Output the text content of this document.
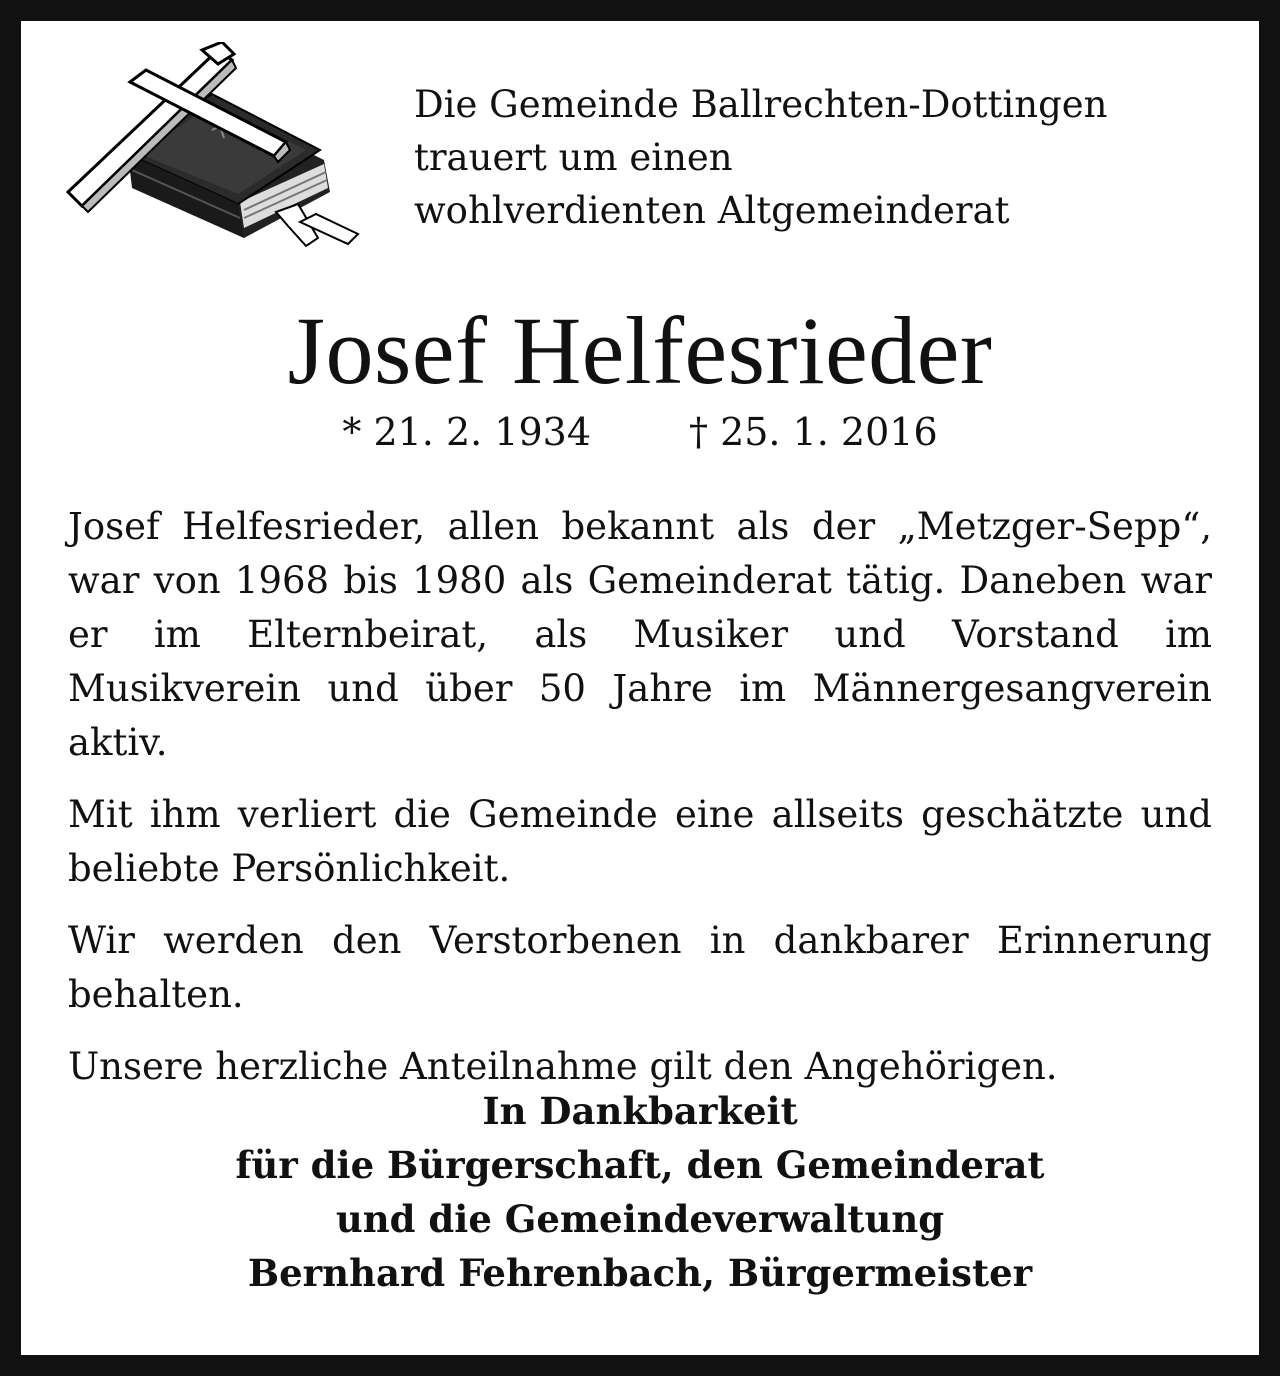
Die Gemeinde Ballrechten-Dottingen
trauert um einen
wohlverdienten Altgemeinderat
Josef Helfesrieder
* 21. 2. 1934	† 25. 1. 2016

Josef Helfesrieder, allen bekannt als der „Metzger-Sepp“, war von 1968 bis 1980 als Gemeinderat tätig. Daneben war er im Elternbeirat, als Musiker und Vorstand im Musikverein und über 50 Jahre im Männergesangverein aktiv.

Mit ihm verliert die Gemeinde eine allseits geschätzte und beliebte Persönlichkeit.

Wir werden den Verstorbenen in dankbarer Erinnerung behalten.

Unsere herzliche Anteilnahme gilt den Angehörigen.

In Dankbarkeit
für die Bürgerschaft, den Gemeinderat
und die Gemeindeverwaltung
Bernhard Fehrenbach, Bürgermeister
